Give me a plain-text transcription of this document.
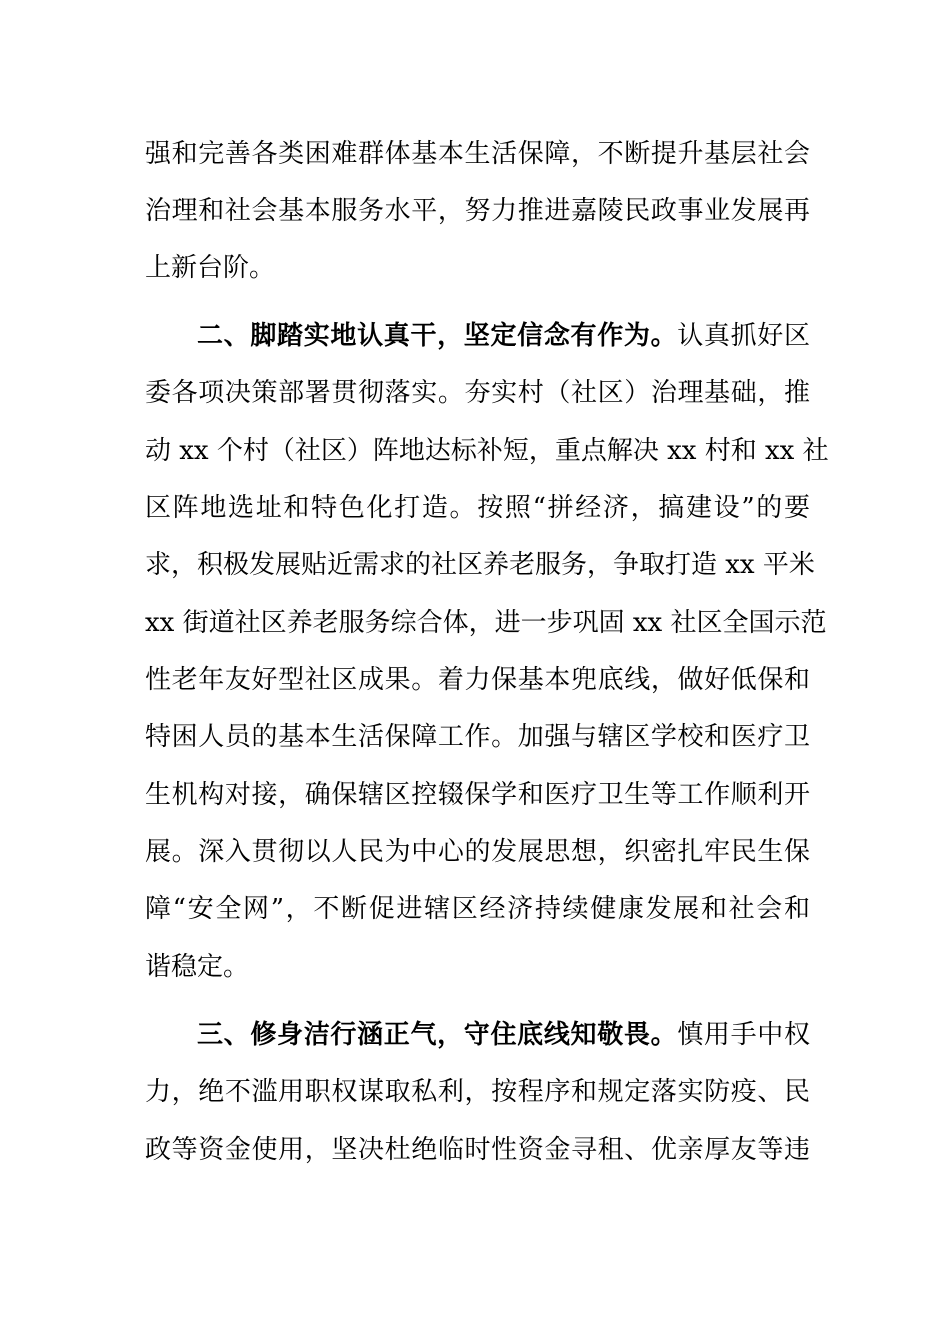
强和完善各类困难群体基本生活保障，不断提升基层社会
治理和社会基本服务水平，努力推进嘉陵民政事业发展再
上新台阶。
二、脚踏实地认真干，坚定信念有作为。认真抓好区
委各项决策部署贯彻落实。夯实村（社区）治理基础，推
动 xx 个村（社区）阵地达标补短，重点解决 xx 村和 xx 社
区阵地选址和特色化打造。按照“拼经济，搞建设”的要
求，积极发展贴近需求的社区养老服务，争取打造 xx 平米
xx 街道社区养老服务综合体，进一步巩固 xx 社区全国示范
性老年友好型社区成果。着力保基本兜底线，做好低保和
特困人员的基本生活保障工作。加强与辖区学校和医疗卫
生机构对接，确保辖区控辍保学和医疗卫生等工作顺利开
展。深入贯彻以人民为中心的发展思想，织密扎牢民生保
障“安全网”，不断促进辖区经济持续健康发展和社会和
谐稳定。
三、修身洁行涵正气，守住底线知敬畏。慎用手中权
力，绝不滥用职权谋取私利，按程序和规定落实防疫、民
政等资金使用，坚决杜绝临时性资金寻租、优亲厚友等违
